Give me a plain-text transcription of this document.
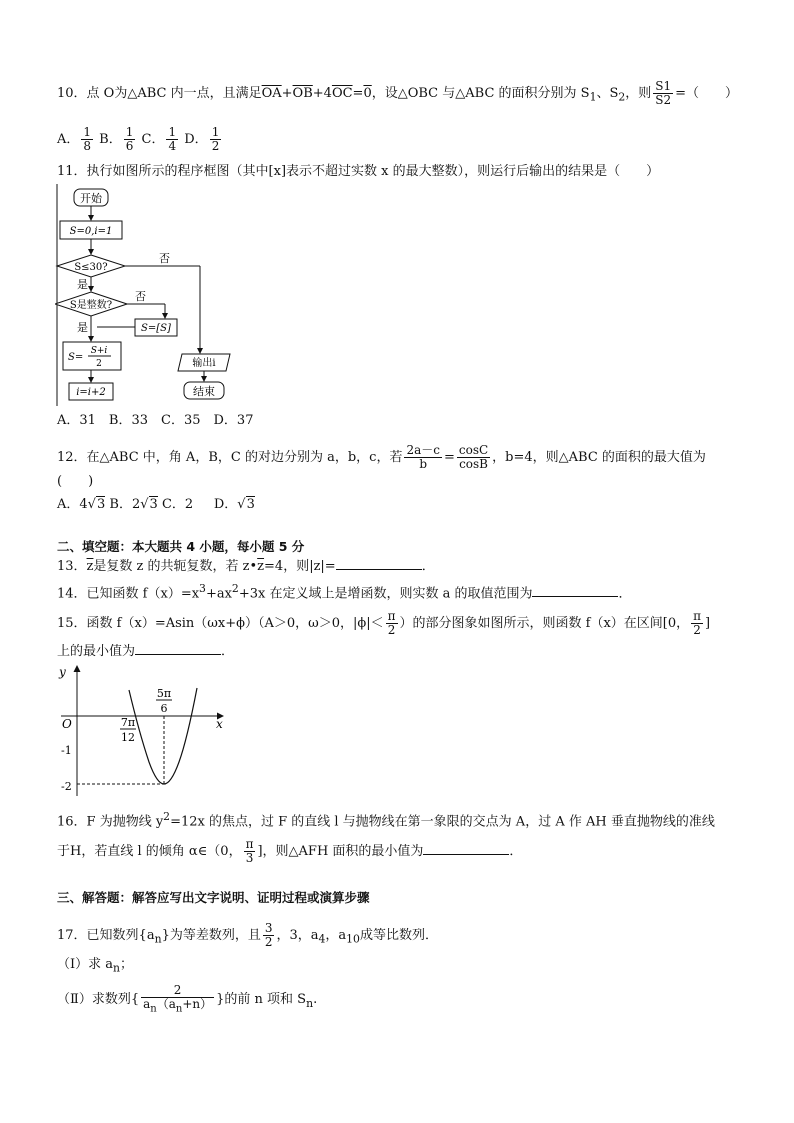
10．点 O为△ABC 内一点，且满足$\overline{OA}+\overline{OB}+4\overline{OC}=0$，设△OBC 与△ABC 的面积分别为 $S_1$、$S_2$，则 $\frac{S1}{S2}$ =（　　）
A． $\frac{1}{8}$ B． $\frac{1}{6}$ C． $\frac{1}{4}$ D． $\frac{1}{2}$
11．执行如图所示的程序框图（其中[x]表示不超过实数 x 的最大整数），则运行后输出的结果是（　　）
开始
S=0,i=1
S≤30?
否
是
S是整数?
否
S=[S]
是
S=
S+i
2
i=i+2
输出i
结束
A．31　B．33　C．35　D．37
12．在△ABC 中，角 A，B，C 的对边分别为 a，b，c，若 $\frac{2a-c}{b} = \frac{\cos C}{\cos B}$ ，b=4，则△ABC 的面积的最大值为
(　　)
A．4√3 B．2√3 C．2 D．√3
二、填空题：本大题共 4 小题，每小题 5 分
13．$\overline{z}$是复数 z 的共轭复数，若 $z•\overline{z}=4$，则|z|=	．
14．已知函数 $f(x)=x^3+ax^2+3x$ 在定义域上是增函数，则实数 a 的取值范围为	．
15．函数 f（x）=Asin（ωx+ϕ）（A＞0，ω＞0，$|\phi|< \frac{\pi}{2}$ ）的部分图象如图所示，则函数 f（x）在区间[0， $\frac{\pi}{2}$ ]
上的最小值为	．
y
x
O
-1
-2
7π
12
5π
6
16．F 为抛物线 $y^2=12x$ 的焦点，过 F 的直线 l 与抛物线在第一象限的交点为 A，过 A 作 AH 垂直抛物线的准线
于H，若直线 l 的倾角 α∈（0， $\frac{\pi}{3}$ ]，则△AFH 面积的最小值为	．
三、解答题：解答应写出文字说明、证明过程或演算步骤
17．已知数列$\{a_n\}$为等差数列，且 $\frac{3}{2}$ ，3，$a_4$，$a_{10}$成等比数列．
（Ⅰ）求 $a_n$；
（Ⅱ）求数列{ $\frac{2}{a_n(a_n+n)}$ }的前 n 项和 $S_n$.
